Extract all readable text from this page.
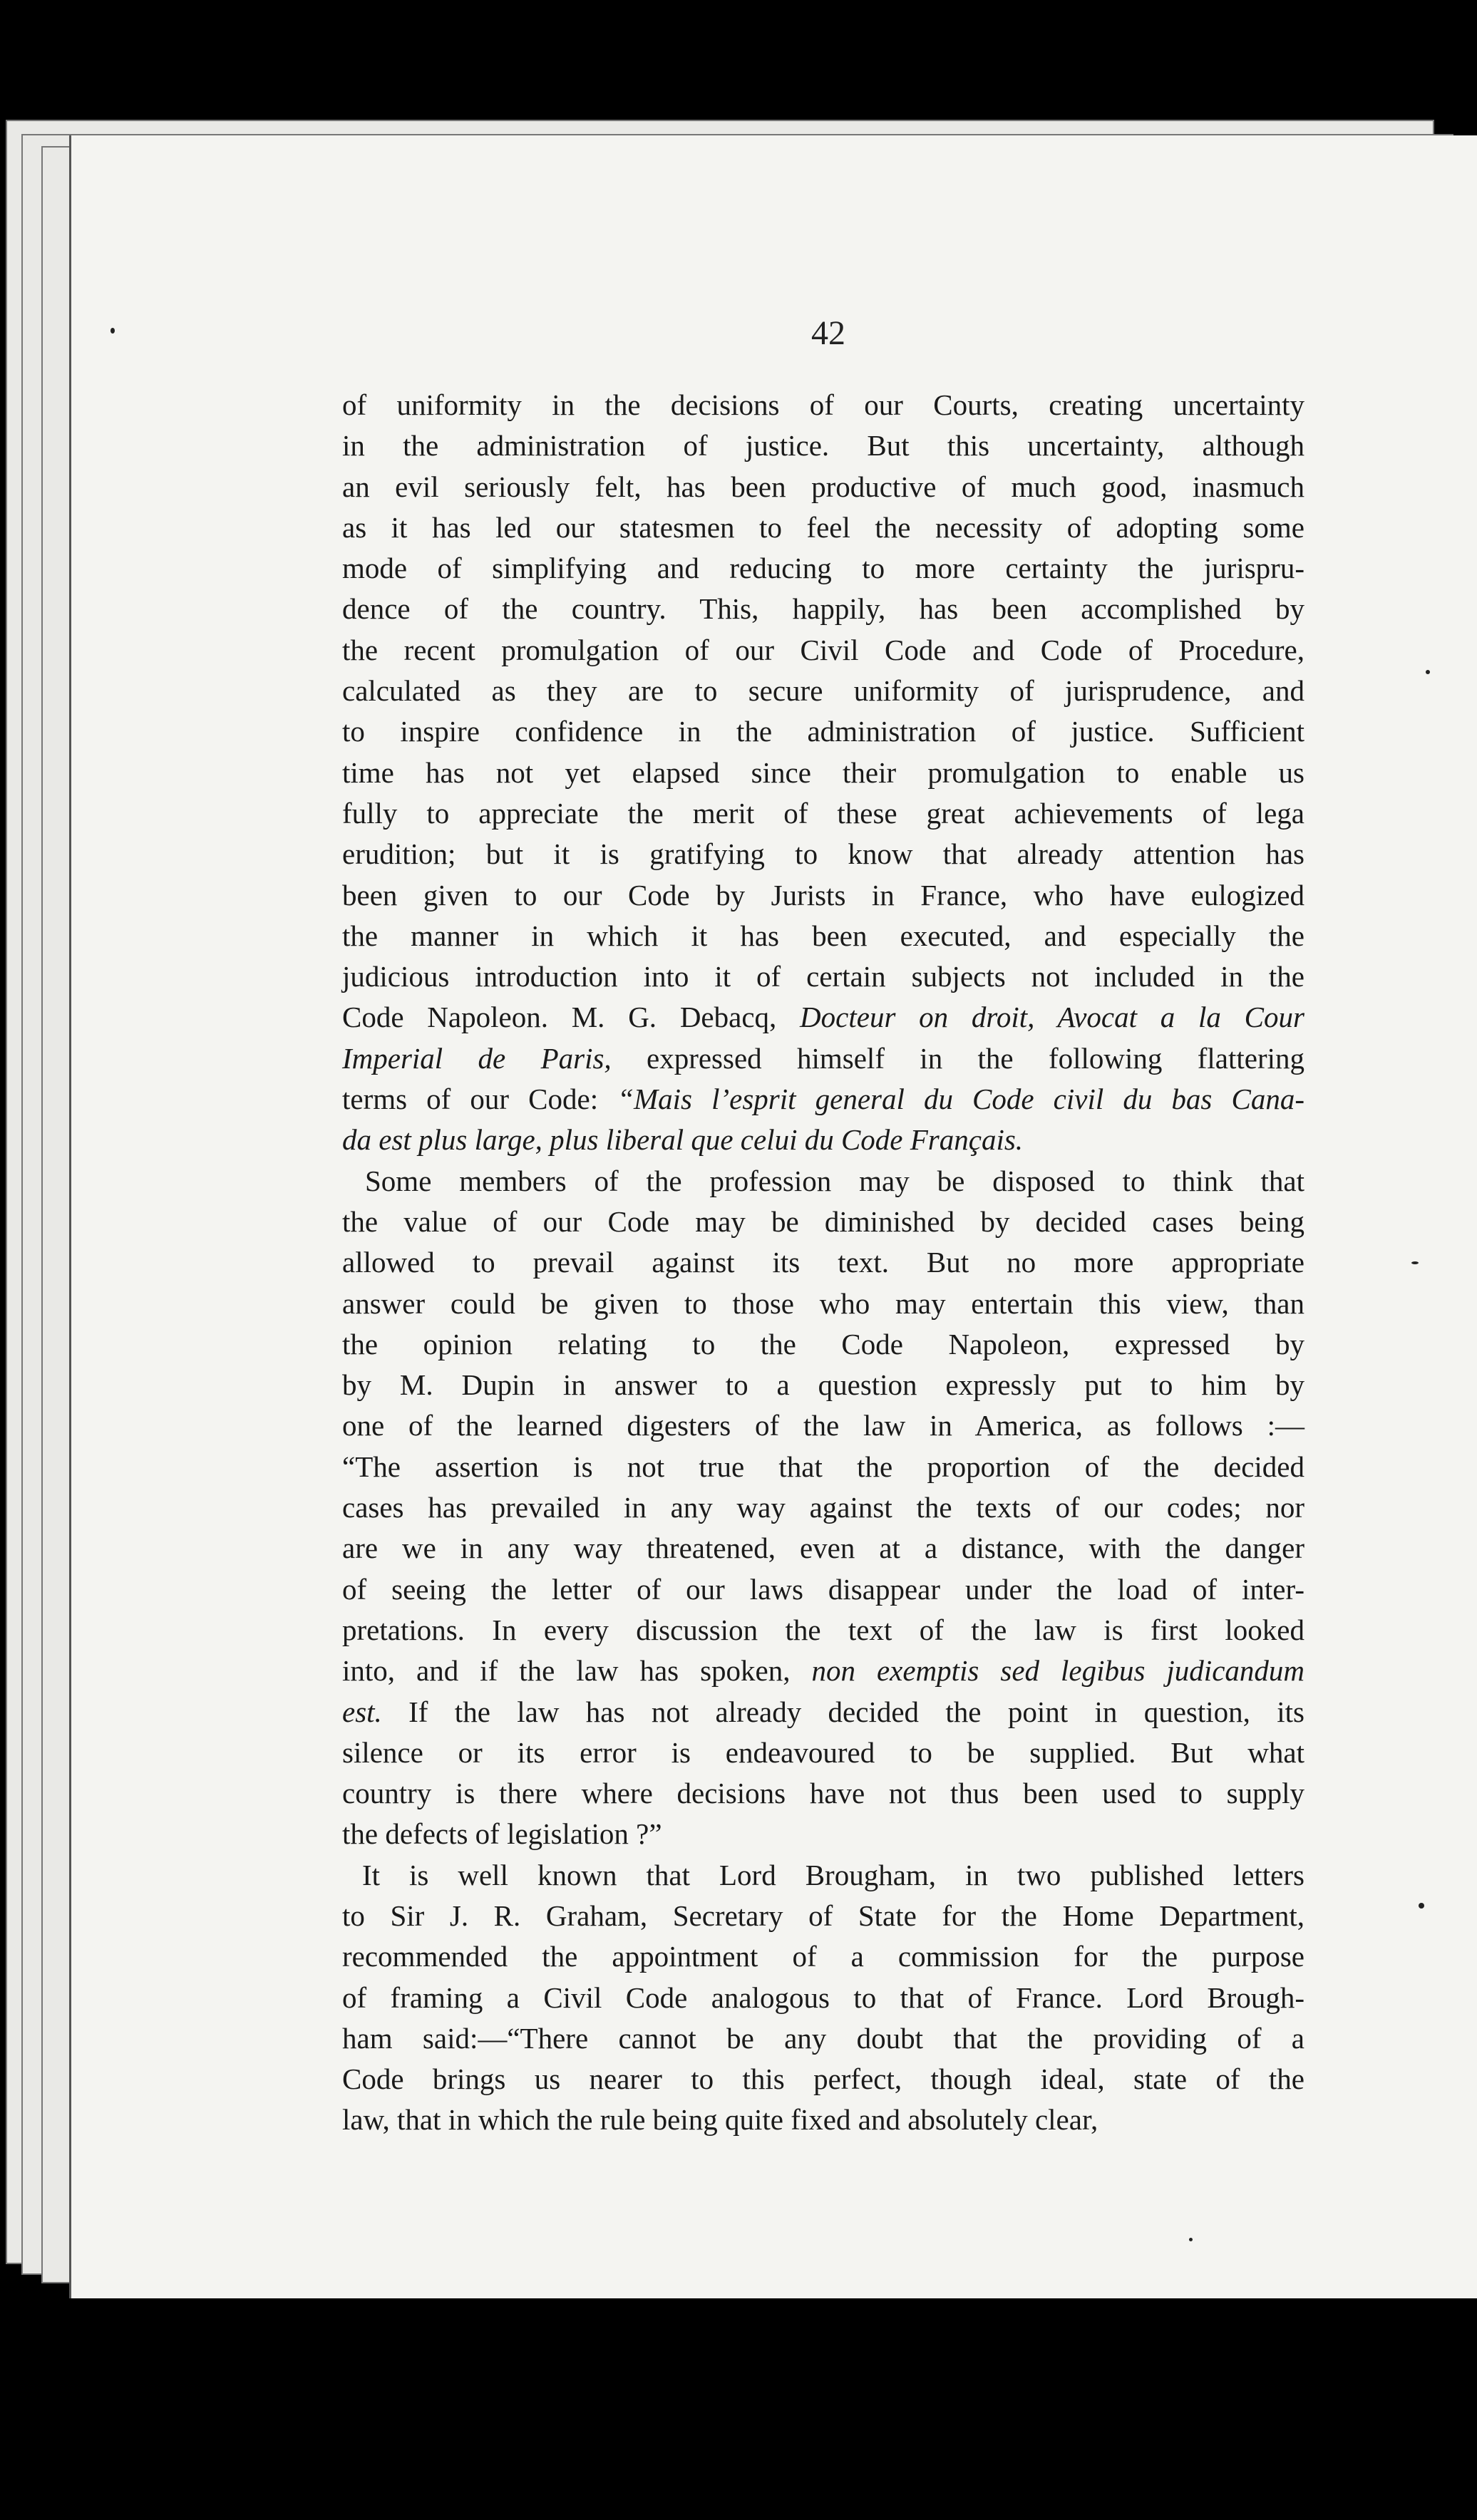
42
of uniformity in the decisions of our Courts, creating uncertainty
in the administration of justice. But this uncertainty, although
an evil seriously felt, has been productive of much good, inasmuch
as it has led our statesmen to feel the necessity of adopting some
mode of simplifying and reducing to more certainty the jurispru-
dence of the country. This, happily, has been accomplished by
the recent promulgation of our Civil Code and Code of Procedure,
calculated as they are to secure uniformity of jurisprudence, and
to inspire confidence in the administration of justice. Sufficient
time has not yet elapsed since their promulgation to enable us
fully to appreciate the merit of these great achievements of lega
erudition; but it is gratifying to know that already attention has
been given to our Code by Jurists in France, who have eulogized
the manner in which it has been executed, and especially the
judicious introduction into it of certain subjects not included in the
Code Napoleon. M. G. Debacq, Docteur on droit, Avocat a la Cour
Imperial de Paris, expressed himself in the following flattering
terms of our Code: “Mais l’esprit general du Code civil du bas Cana-
da est plus large, plus liberal que celui du Code Français.
Some members of the profession may be disposed to think that
the value of our Code may be diminished by decided cases being
allowed to prevail against its text. But no more appropriate
answer could be given to those who may entertain this view, than
the opinion relating to the Code Napoleon, expressed by
by M. Dupin in answer to a question expressly put to him by
one of the learned digesters of the law in America, as follows :—
“The assertion is not true that the proportion of the decided
cases has prevailed in any way against the texts of our codes; nor
are we in any way threatened, even at a distance, with the danger
of seeing the letter of our laws disappear under the load of inter-
pretations. In every discussion the text of the law is first looked
into, and if the law has spoken, non exemptis sed legibus judicandum
est. If the law has not already decided the point in question, its
silence or its error is endeavoured to be supplied. But what
country is there where decisions have not thus been used to supply
the defects of legislation ?”
It is well known that Lord Brougham, in two published letters
to Sir J. R. Graham, Secretary of State for the Home Department,
recommended the appointment of a commission for the purpose
of framing a Civil Code analogous to that of France. Lord Brough-
ham said:—“There cannot be any doubt that the providing of a
Code brings us nearer to this perfect, though ideal, state of the
law, that in which the rule being quite fixed and absolutely clear,
